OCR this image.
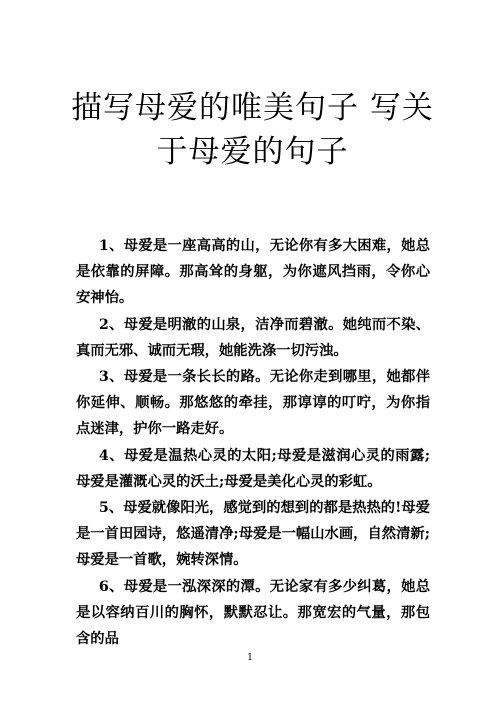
描写母爱的唯美句子 写关于母爱的句子

1、母爱是一座高高的山，无论你有多大困难，她总是依靠的屏障。那高耸的身躯，为你遮风挡雨，令你心安神怡。

2、母爱是明澈的山泉，洁净而碧澈。她纯而不染、真而无邪、诚而无瑕，她能洗涤一切污浊。

3、母爱是一条长长的路。无论你走到哪里，她都伴你延伸、顺畅。那悠悠的牵挂，那谆谆的叮咛，为你指点迷津，护你一路走好。

4、母爱是温热心灵的太阳;母爱是滋润心灵的雨露;母爱是灌溉心灵的沃土;母爱是美化心灵的彩虹。

5、母爱就像阳光，感觉到的想到的都是热热的!母爱是一首田园诗，悠遥清净;母爱是一幅山水画，自然清新;母爱是一首歌，婉转深情。

6、母爱是一泓深深的潭。无论家有多少纠葛，她总是以容纳百川的胸怀，默默忍让。那宽宏的气量，那包含的品

1
